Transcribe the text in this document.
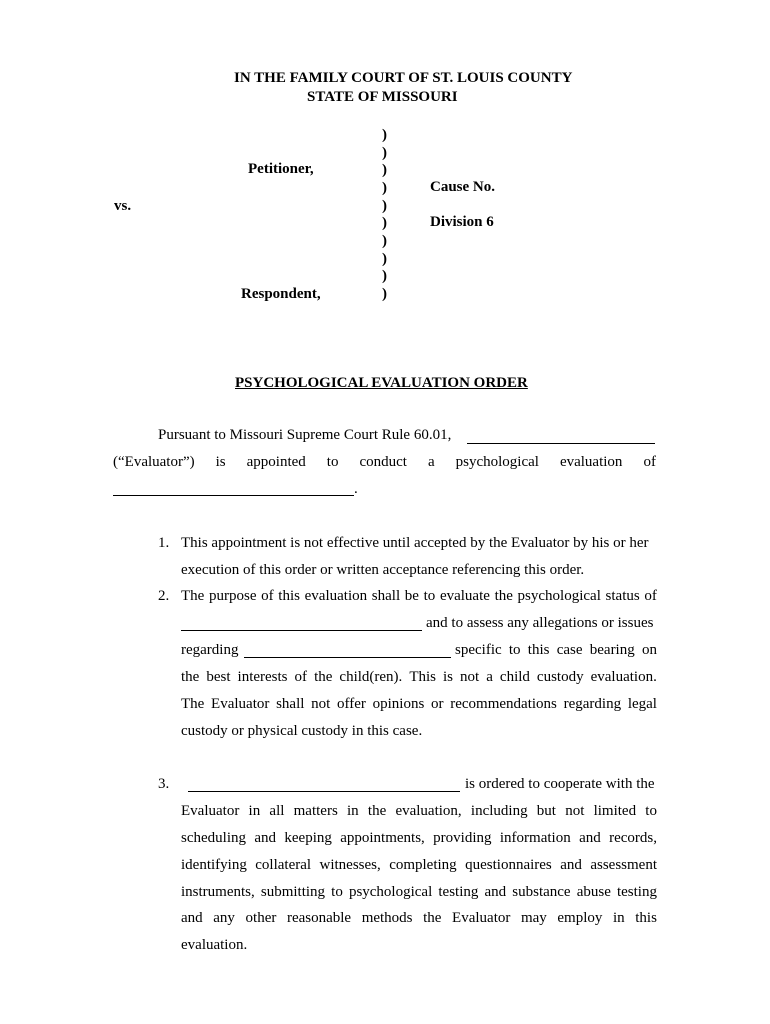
IN THE FAMILY COURT OF ST. LOUIS COUNTY
STATE OF MISSOURI
)
)
)
)
)
)
)
)
)
)
Petitioner,
vs.
Respondent,
Cause No.
Division 6
PSYCHOLOGICAL EVALUATION ORDER
Pursuant to Missouri Supreme Court Rule 60.01,
(“Evaluator”) is appointed to conduct a psychological evaluation of
.
1. This appointment is not effective until accepted by the Evaluator by his or her
execution of this order or written acceptance referencing this order.
2. The purpose of this evaluation shall be to evaluate the psychological status of
and to assess any allegations or issues
regarding	specific to this case bearing on
the best interests of the child(ren). This is not a child custody evaluation.
The Evaluator shall not offer opinions or recommendations regarding legal
custody or physical custody in this case.
3.	is ordered to cooperate with the
Evaluator in all matters in the evaluation, including but not limited to
scheduling and keeping appointments, providing information and records,
identifying collateral witnesses, completing questionnaires and assessment
instruments, submitting to psychological testing and substance abuse testing
and any other reasonable methods the Evaluator may employ in this
evaluation.
